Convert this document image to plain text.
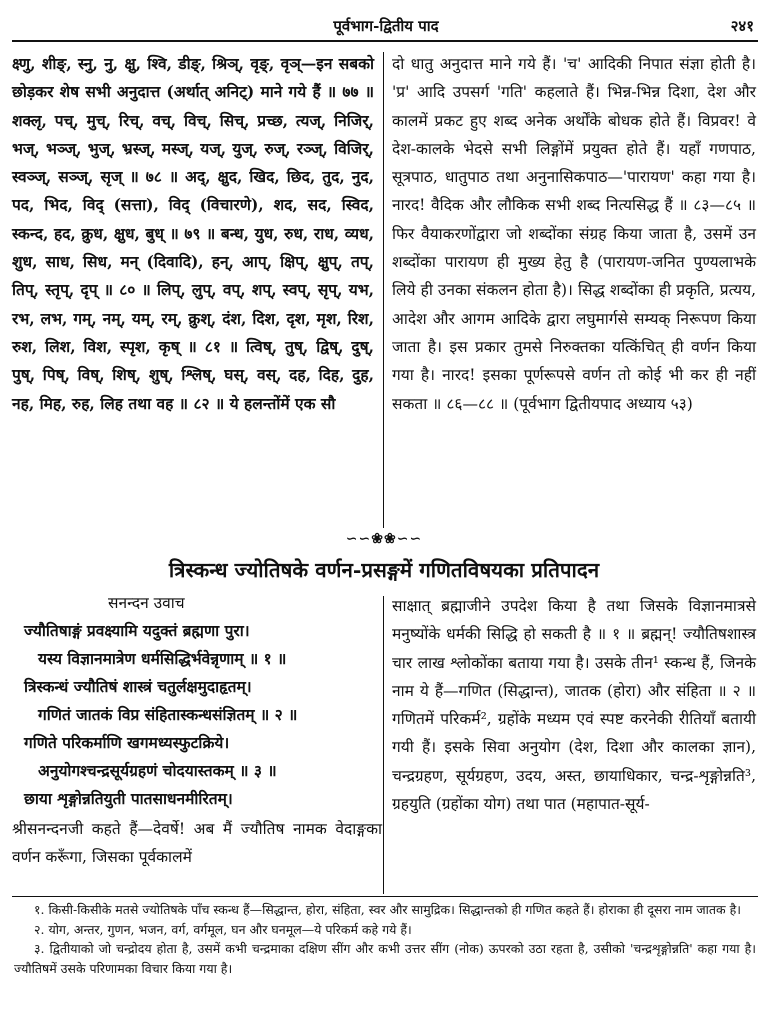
पूर्वभाग-द्वितीय पाद	२४१

क्ष्णु, शीङ्, स्नु, नु, क्षु, श्वि, डीङ्, श्रिञ्, वृङ्, वृञ्—इन सबको छोड़कर शेष सभी अनुदात्त (अर्थात् अनिट्) माने गये हैं ॥ ७७ ॥ शक्लृ, पच्, मुच्, रिच्, वच्, विच्, सिच्, प्रच्छ, त्यज्, निजिर्, भज्, भञ्ज्, भुज्, भ्रस्ज्, मस्ज्, यज्, युज्, रुज्, रञ्ज्, विजिर्, स्वञ्ज्, सञ्ज्, सृज् ॥ ७८ ॥ अद्, क्षुद, खिद, छिद, तुद, नुद, पद, भिद, विद् (सत्ता), विद् (विचारणे), शद, सद, स्विद, स्कन्द, हद, क्रुध, क्षुध, बुध् ॥ ७९ ॥ बन्ध, युध, रुध, राध, व्यध, शुध, साध, सिध, मन् (दिवादि), हन्, आप्, क्षिप्, क्षुप्, तप्, तिप्, स्तृप्, दृप् ॥ ८० ॥ लिप्, लुप्, वप्, शप्, स्वप्, सृप्, यभ, रभ, लभ, गम्, नम्, यम्, रम्, क्रुश्, दंश, दिश, दृश, मृश, रिश, रुश, लिश, विश, स्पृश, कृष् ॥ ८१ ॥ त्विष्, तुष्, द्विष्, दुष्, पुष्, पिष्, विष्, शिष्, शुष्, श्लिष्, घस्, वस्, दह, दिह, दुह, नह, मिह, रुह, लिह तथा वह ॥ ८२ ॥ ये हलन्तोंमें एक सौ

दो धातु अनुदात्त माने गये हैं। 'च' आदिकी निपात संज्ञा होती है। 'प्र' आदि उपसर्ग 'गति' कहलाते हैं। भिन्न-भिन्न दिशा, देश और कालमें प्रकट हुए शब्द अनेक अर्थोंके बोधक होते हैं। विप्रवर! वे देश-कालके भेदसे सभी लिङ्गोंमें प्रयुक्त होते हैं। यहाँ गणपाठ, सूत्रपाठ, धातुपाठ तथा अनुनासिकपाठ—'पारायण' कहा गया है। नारद! वैदिक और लौकिक सभी शब्द नित्यसिद्ध हैं ॥ ८३—८५ ॥ फिर वैयाकरणोंद्वारा जो शब्दोंका संग्रह किया जाता है, उसमें उन शब्दोंका पारायण ही मुख्य हेतु है (पारायण-जनित पुण्यलाभके लिये ही उनका संकलन होता है)। सिद्ध शब्दोंका ही प्रकृति, प्रत्यय, आदेश और आगम आदिके द्वारा लघुमार्गसे सम्यक् निरूपण किया जाता है। इस प्रकार तुमसे निरुक्तका यत्किंचित् ही वर्णन किया गया है। नारद! इसका पूर्णरूपसे वर्णन तो कोई भी कर ही नहीं सकता ॥ ८६—८८ ॥ (पूर्वभाग द्वितीयपाद अध्याय ५३)

∽∽❀❀∽∽
त्रिस्कन्ध ज्योतिषके वर्णन-प्रसङ्गमें गणितविषयका प्रतिपादन
सनन्दन उवाच
ज्यौतिषाङ्गं प्रवक्ष्यामि यदुक्तं ब्रह्मणा पुरा।
यस्य विज्ञानमात्रेण धर्मसिद्धिर्भवेन्नृणाम् ॥ १ ॥
त्रिस्कन्धं ज्यौतिषं शास्त्रं चतुर्लक्षमुदाहृतम्।
गणितं जातकं विप्र संहितास्कन्धसंज्ञितम् ॥ २ ॥
गणिते परिकर्माणि खगमध्यस्फुटक्रिये।
अनुयोगश्चन्द्रसूर्यग्रहणं चोदयास्तकम् ॥ ३ ॥
छाया शृङ्गोन्नतियुती पातसाधनमीरितम्।
श्रीसनन्दनजी कहते हैं—देवर्षे! अब मैं ज्यौतिष नामक वेदाङ्गका वर्णन करूँगा, जिसका पूर्वकालमें

साक्षात् ब्रह्माजीने उपदेश किया है तथा जिसके विज्ञानमात्रसे मनुष्योंके धर्मकी सिद्धि हो सकती है ॥ १ ॥ ब्रह्मन्! ज्यौतिषशास्त्र चार लाख श्लोकोंका बताया गया है। उसके तीन¹ स्कन्ध हैं, जिनके नाम ये हैं—गणित (सिद्धान्त), जातक (होरा) और संहिता ॥ २ ॥ गणितमें परिकर्म², ग्रहोंके मध्यम एवं स्पष्ट करनेकी रीतियाँ बतायी गयी हैं। इसके सिवा अनुयोग (देश, दिशा और कालका ज्ञान), चन्द्रग्रहण, सूर्यग्रहण, उदय, अस्त, छायाधिकार, चन्द्र-शृङ्गोन्नति³, ग्रहयुति (ग्रहोंका योग) तथा पात (महापात-सूर्य-

१. किसी-किसीके मतसे ज्योतिषके पाँच स्कन्ध हैं—सिद्धान्त, होरा, संहिता, स्वर और सामुद्रिक। सिद्धान्तको ही गणित कहते हैं। होराका ही दूसरा नाम जातक है।

२. योग, अन्तर, गुणन, भजन, वर्ग, वर्गमूल, घन और घनमूल—ये परिकर्म कहे गये हैं।

३. द्वितीयाको जो चन्द्रोदय होता है, उसमें कभी चन्द्रमाका दक्षिण सींग और कभी उत्तर सींग (नोक) ऊपरको उठा रहता है, उसीको 'चन्द्रशृङ्गोन्नति' कहा गया है। ज्यौतिषमें उसके परिणामका विचार किया गया है।
